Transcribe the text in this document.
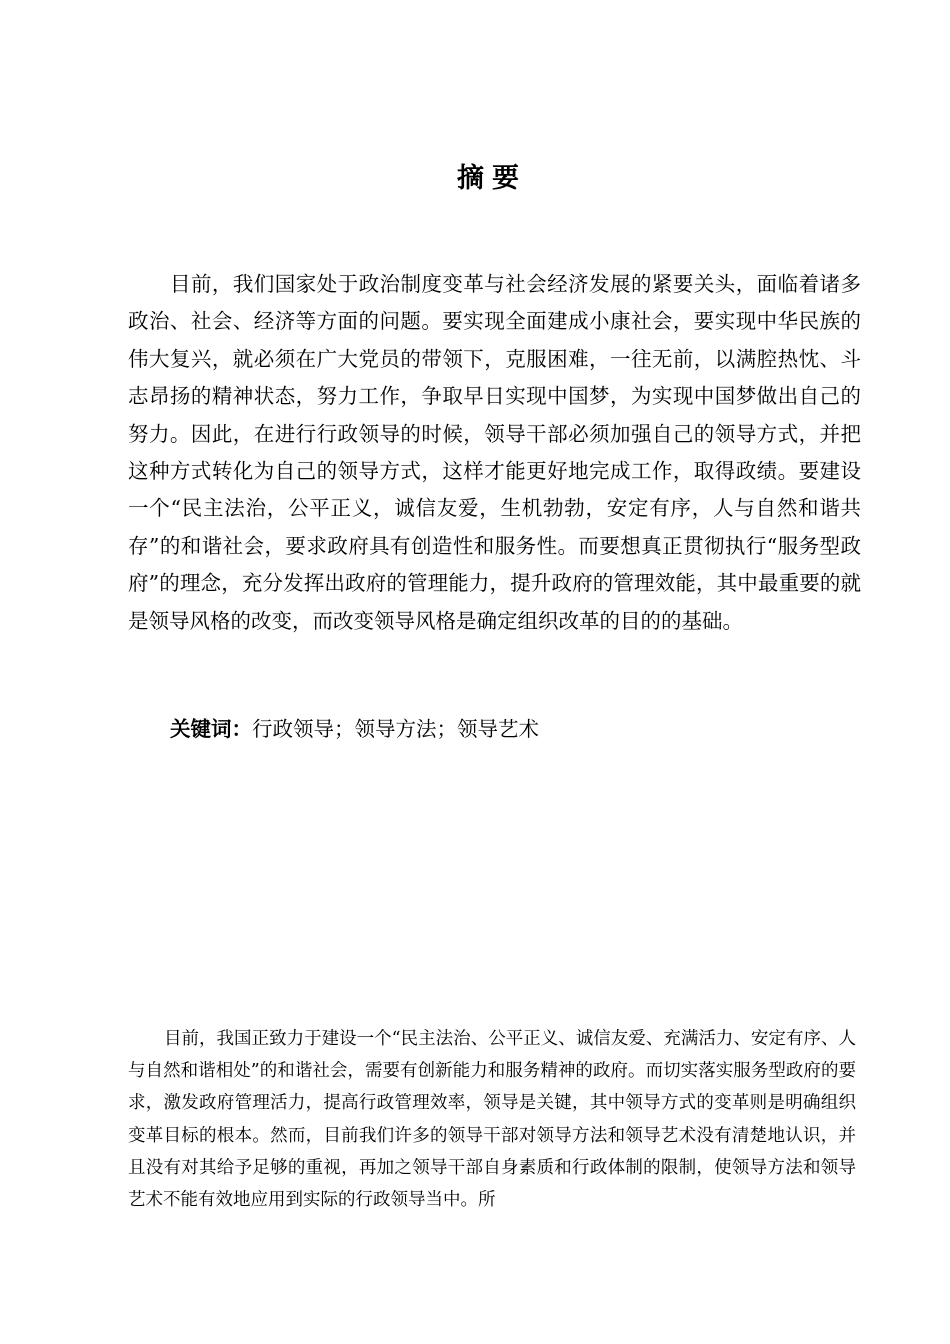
摘要

目前，我们国家处于政治制度变革与社会经济发展的紧要关头，面临着诸多政治、社会、经济等方面的问题。要实现全面建成小康社会，要实现中华民族的伟大复兴，就必须在广大党员的带领下，克服困难，一往无前，以满腔热忱、斗志昂扬的精神状态，努力工作，争取早日实现中国梦，为实现中国梦做出自己的努力。因此，在进行行政领导的时候，领导干部必须加强自己的领导方式，并把这种方式转化为自己的领导方式，这样才能更好地完成工作，取得政绩。要建设一个“民主法治，公平正义，诚信友爱，生机勃勃，安定有序，人与自然和谐共存”的和谐社会，要求政府具有创造性和服务性。而要想真正贯彻执行“服务型政府”的理念，充分发挥出政府的管理能力，提升政府的管理效能，其中最重要的就是领导风格的改变，而改变领导风格是确定组织改革的目的的基础。

关键词：行政领导；领导方法；领导艺术

目前，我国正致力于建设一个“民主法治、公平正义、诚信友爱、充满活力、安定有序、人与自然和谐相处”的和谐社会，需要有创新能力和服务精神的政府。而切实落实服务型政府的要求，激发政府管理活力，提高行政管理效率，领导是关键，其中领导方式的变革则是明确组织变革目标的根本。然而，目前我们许多的领导干部对领导方法和领导艺术没有清楚地认识，并且没有对其给予足够的重视，再加之领导干部自身素质和行政体制的限制，使领导方法和领导艺术不能有效地应用到实际的行政领导当中。所
